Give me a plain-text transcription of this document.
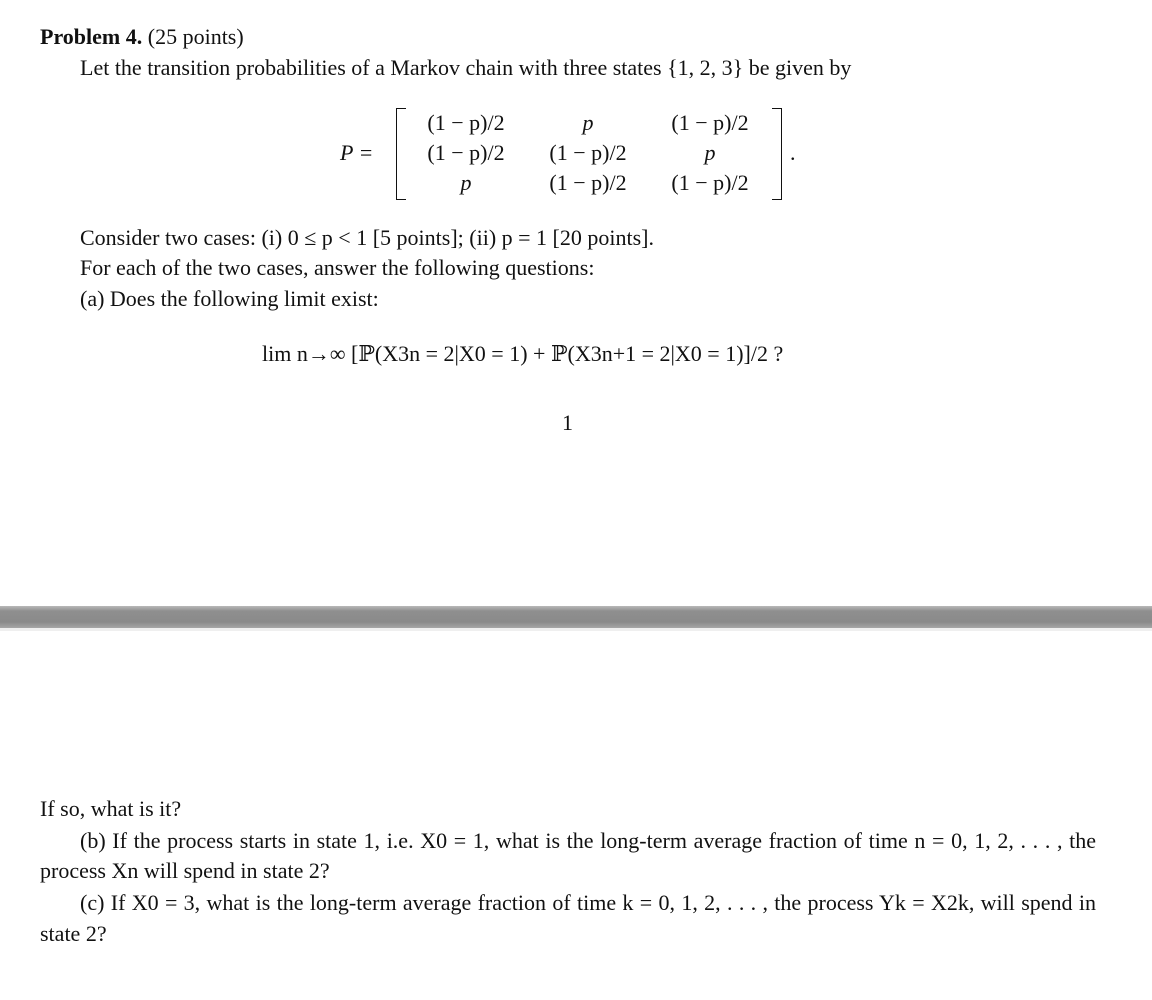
Problem 4. (25 points)
Let the transition probabilities of a Markov chain with three states {1, 2, 3} be given by
P =
(1 − p)/2	p	(1 − p)/2
(1 − p)/2	(1 − p)/2	p
p	(1 − p)/2	(1 − p)/2
.
Consider two cases: (i) 0 ≤ p < 1 [5 points]; (ii) p = 1 [20 points].
For each of the two cases, answer the following questions:
(a) Does the following limit exist:
lim n→∞ [ℙ(X3n = 2|X0 = 1) + ℙ(X3n+1 = 2|X0 = 1)]/2 ?
1
If so, what is it?
(b) If the process starts in state 1, i.e. X0 = 1, what is the long-term average fraction of time n = 0, 1, 2, . . . , the process Xn will spend in state 2?
(c) If X0 = 3, what is the long-term average fraction of time k = 0, 1, 2, . . . , the process Yk = X2k, will spend in state 2?
